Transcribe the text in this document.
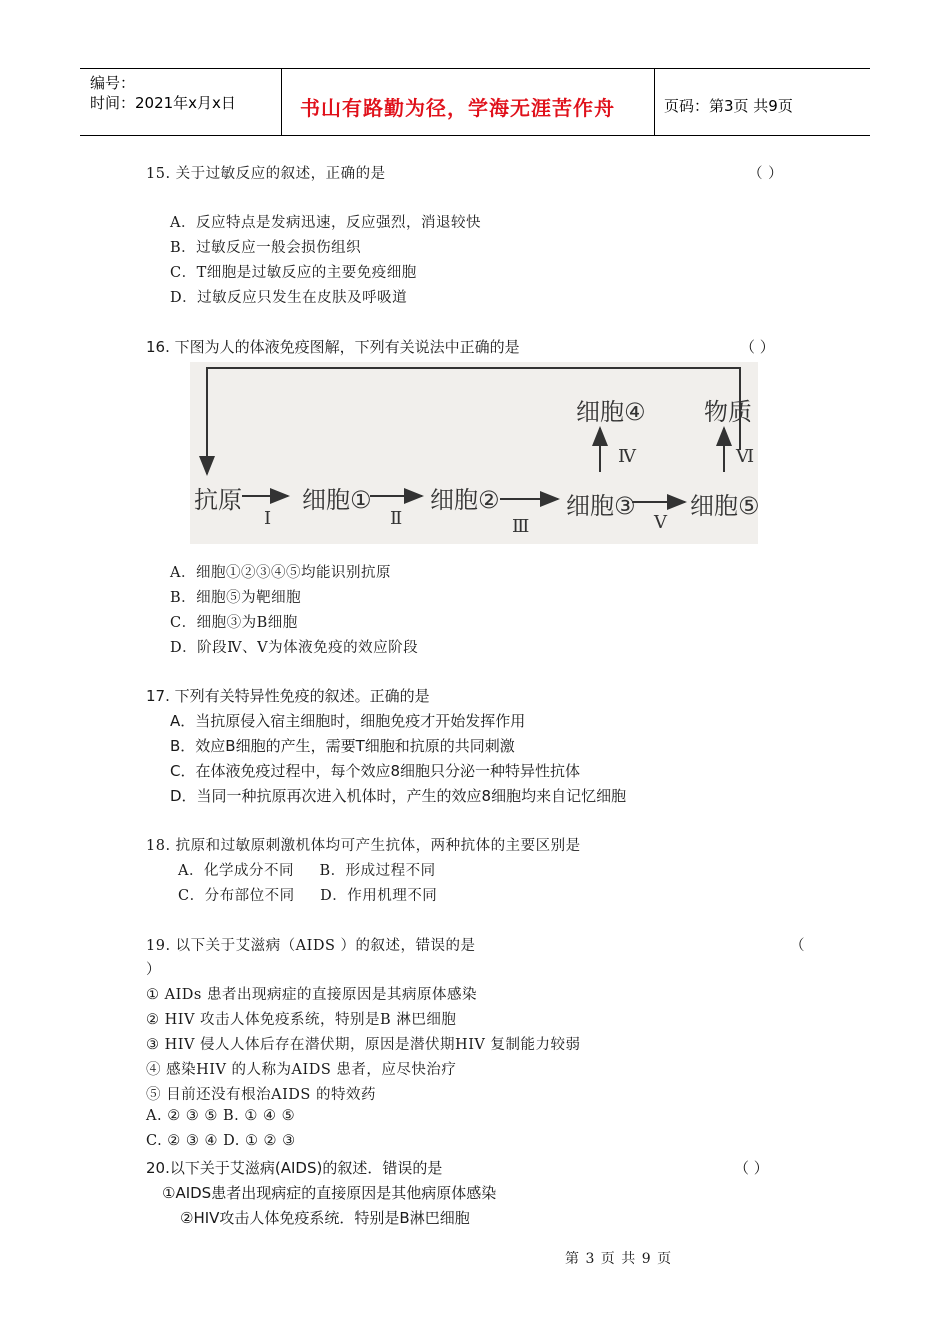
编号：
时间：2021年x月x日	书山有路勤为径，学海无涯苦作舟	页码：第3页 共9页
15. 关于过敏反应的叙述，正确的是	（ ）
A．反应特点是发病迅速，反应强烈，消退较快
B．过敏反应一般会损伤组织
C．T细胞是过敏反应的主要免疫细胞
D．过敏反应只发生在皮肤及呼吸道
16. 下图为人的体液免疫图解，下列有关说法中正确的是	（ ）
抗原	细胞① 细胞②	细胞③
细胞④
细胞⑤
物质
Ⅰ	Ⅱ	Ⅲ
Ⅳ
Ⅴ
Ⅵ
A．细胞①②③④⑤均能识别抗原
B．细胞⑤为靶细胞
C．细胞③为B细胞
D．阶段Ⅳ、V为体液免疫的效应阶段
17. 下列有关特异性免疫的叙述。正确的是
A．当抗原侵入宿主细胞时，细胞免疫才开始发挥作用
B．效应B细胞的产生，需要T细胞和抗原的共同刺激
C．在体液免疫过程中，每个效应8细胞只分泌一种特异性抗体
D．当同一种抗原再次进入机体时，产生的效应8细胞均来自记忆细胞
18. 抗原和过敏原刺激机体均可产生抗体，两种抗体的主要区别是
A．化学成分不同     B．形成过程不同
C．分布部位不同     D．作用机理不同
19. 以下关于艾滋病（AIDS ）的叙述，错误的是	（
）
① AIDs 患者出现病症的直接原因是其病原体感染
② HIV 攻击人体免疫系统，特别是B 淋巴细胞
③ HIV 侵人人体后存在潜伏期，原因是潜伏期HIV 复制能力较弱
④ 感染HIV 的人称为AIDS 患者，应尽快治疗
⑤ 目前还没有根治AIDS 的特效药
A. ② ③ ⑤ B. ① ④ ⑤
C. ② ③ ④ D. ① ② ③
20.以下关于艾滋病(AIDS)的叙述．错误的是	（ ）
①AIDS患者出现病症的直接原因是其他病原体感染
②HIV攻击人体免疫系统．特别是B淋巴细胞
第 3 页 共 9 页
